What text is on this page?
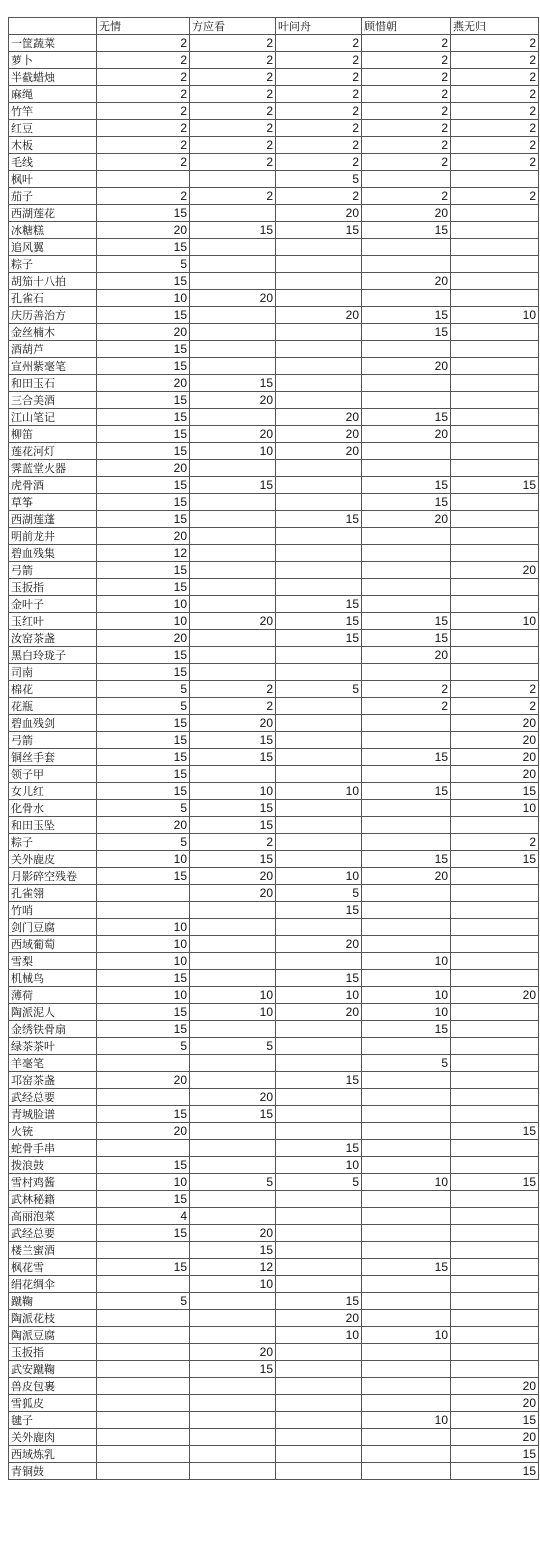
	无情	方应看	叶问舟	顾惜朝	燕无归
一筐蔬菜	2	2	2	2	2
萝卜	2	2	2	2	2
半截蜡烛	2	2	2	2	2
麻绳	2	2	2	2	2
竹竿	2	2	2	2	2
红豆	2	2	2	2	2
木板	2	2	2	2	2
毛线	2	2	2	2	2
枫叶			5		
茄子	2	2	2	2	2
西湖莲花	15		20	20	
冰糖糕	20	15	15	15	
追风翼	15				
粽子	5				
胡笳十八拍	15			20	
孔雀石	10	20			
庆历善治方	15		20	15	10
金丝楠木	20			15	
酒葫芦	15				
宣州紫毫笔	15			20	
和田玉石	20	15			
三合美酒	15	20			
江山笔记	15		20	15	
柳笛	15	20	20	20	
莲花河灯	15	10	20		
霁蓝堂火器	20				
虎骨酒	15	15		15	15
草筝	15			15	
西湖莲蓬	15		15	20	
明前龙井	20				
碧血残集	12				
弓箭	15				20
玉扳指	15				
金叶子	10		15		
玉红叶	10	20	15	15	10
汝窑茶盏	20		15	15	
黑白玲珑子	15			20	
司南	15				
棉花	5	2	5	2	2
花瓶	5	2		2	2
碧血残剑	15	20			20
弓箭	15	15			20
铜丝手套	15	15		15	20
领子甲	15				20
女儿红	15	10	10	15	15
化骨水	5	15			10
和田玉坠	20	15			
粽子	5	2			2
关外鹿皮	10	15		15	15
月影碎空残卷	15	20	10	20	
孔雀翎		20	5		
竹哨			15		
剑门豆腐	10				
西域葡萄	10		20		
雪梨	10			10	
机械鸟	15		15		
薄荷	10	10	10	10	20
陶派泥人	15	10	20	10	
金绣铁骨扇	15			15	
绿茶茶叶	5	5			
羊毫笔				5	
邛窑茶盏	20		15		
武经总要		20			
青城脸谱	15	15			
火铳	20				15
蛇骨手串			15		
拨浪鼓	15		10		
雪村鸡酱	10	5	5	10	15
武林秘籍	15				
高丽泡菜	4				
武经总要	15	20			
楼兰蜜酒		15			
枫花雪	15	12		15	
绢花绸伞		10			
蹴鞠	5		15		
陶派花枝			20		
陶派豆腐			10	10	
玉扳指		20			
武安蹴鞠		15			
兽皮包裹					20
雪狐皮					20
毽子				10	15
关外鹿肉					20
西域炼乳					15
青铜鼓					15
